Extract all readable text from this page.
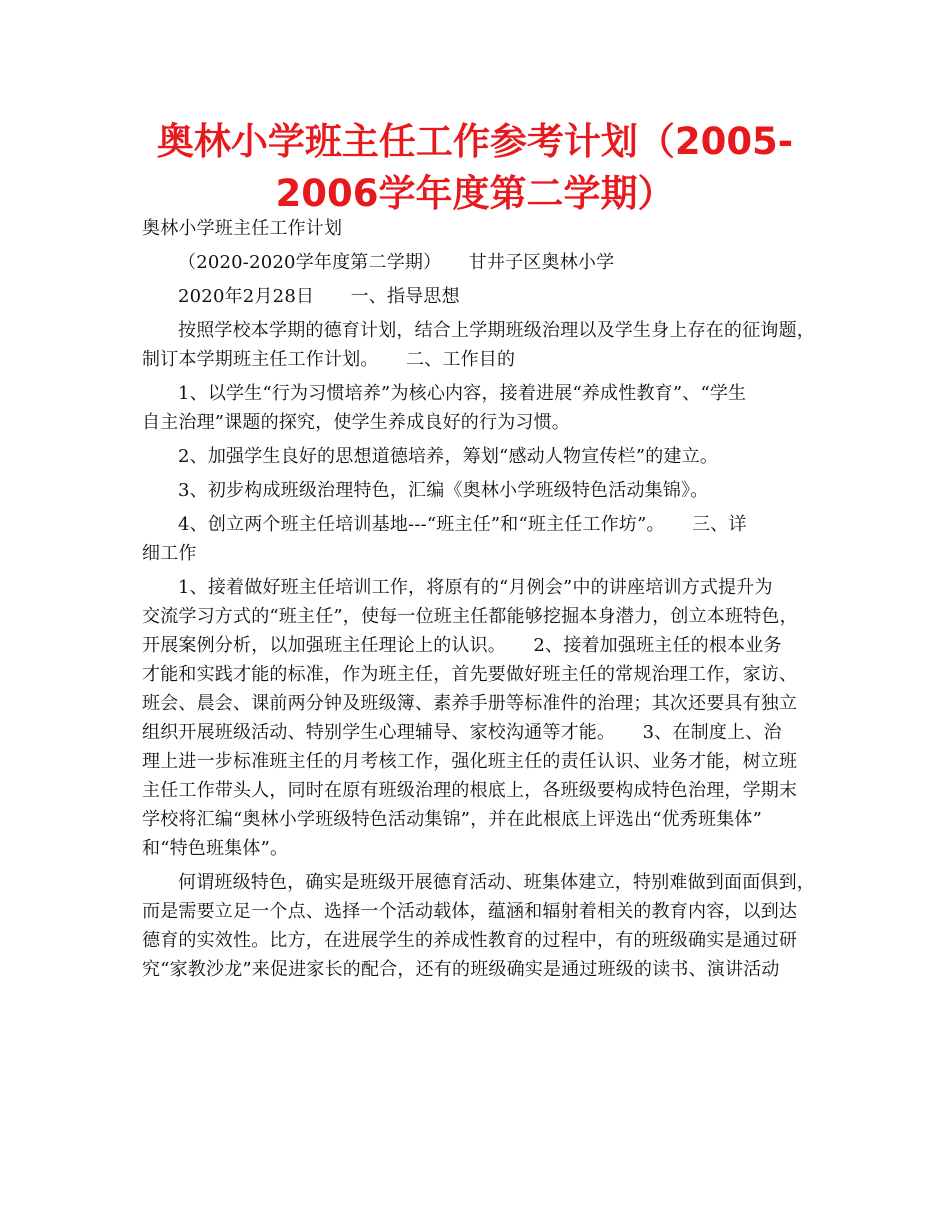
奥林小学班主任工作参考计划（2005-
2006学年度第二学期）
奥林小学班主任工作计划
（2020-2020学年度第二学期）　　甘井子区奥林小学
2020年2月28日　　一、指导思想
按照学校本学期的德育计划，结合上学期班级治理以及学生身上存在的征询题，
制订本学期班主任工作计划。　　二、工作目的
1、以学生“行为习惯培养”为核心内容，接着进展“养成性教育”、“学生
自主治理”课题的探究，使学生养成良好的行为习惯。
2、加强学生良好的思想道德培养，筹划“感动人物宣传栏”的建立。
3、初步构成班级治理特色，汇编《奥林小学班级特色活动集锦》。
4、创立两个班主任培训基地---“班主任”和“班主任工作坊”。　　三、详
细工作
1、接着做好班主任培训工作，将原有的“月例会”中的讲座培训方式提升为
交流学习方式的“班主任”，使每一位班主任都能够挖掘本身潜力，创立本班特色，
开展案例分析，以加强班主任理论上的认识。　　2、接着加强班主任的根本业务
才能和实践才能的标准，作为班主任，首先要做好班主任的常规治理工作，家访、
班会、晨会、课前两分钟及班级簿、素养手册等标准件的治理；其次还要具有独立
组织开展班级活动、特别学生心理辅导、家校沟通等才能。　　3、在制度上、治
理上进一步标准班主任的月考核工作，强化班主任的责任认识、业务才能，树立班
主任工作带头人，同时在原有班级治理的根底上，各班级要构成特色治理，学期末
学校将汇编“奥林小学班级特色活动集锦”，并在此根底上评选出“优秀班集体”
和“特色班集体”。
何谓班级特色，确实是班级开展德育活动、班集体建立，特别难做到面面俱到，
而是需要立足一个点、选择一个活动载体，蕴涵和辐射着相关的教育内容，以到达
德育的实效性。比方，在进展学生的养成性教育的过程中，有的班级确实是通过研
究“家教沙龙”来促进家长的配合，还有的班级确实是通过班级的读书、演讲活动
